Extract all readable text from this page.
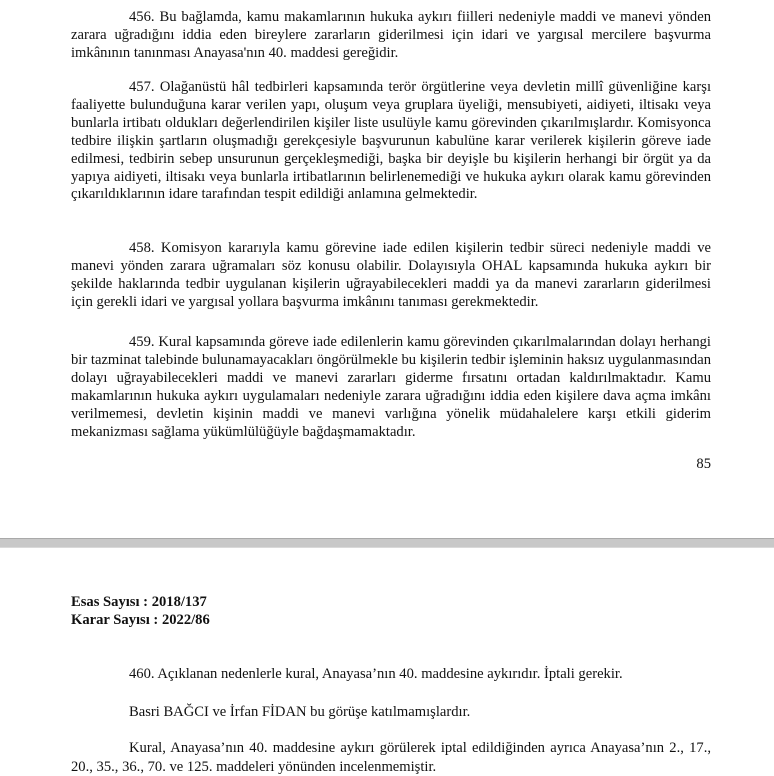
456. Bu bağlamda, kamu makamlarının hukuka aykırı fiilleri nedeniyle maddi ve manevi yönden zarara uğradığını iddia eden bireylere zararların giderilmesi için idari ve yargısal mercilere başvurma imkânının tanınması Anayasa'nın 40. maddesi gereğidir.

457. Olağanüstü hâl tedbirleri kapsamında terör örgütlerine veya devletin millî güvenliğine karşı faaliyette bulunduğuna karar verilen yapı, oluşum veya gruplara üyeliği, mensubiyeti, aidiyeti, iltisakı veya bunlarla irtibatı oldukları değerlendirilen kişiler liste usulüyle kamu görevinden çıkarılmışlardır. Komisyonca tedbire ilişkin şartların oluşmadığı gerekçesiyle başvurunun kabulüne karar verilerek kişilerin göreve iade edilmesi, tedbirin sebep unsurunun gerçekleşmediği, başka bir deyişle bu kişilerin herhangi bir örgüt ya da yapıya aidiyeti, iltisakı veya bunlarla irtibatlarının belirlenemediği ve hukuka aykırı olarak kamu görevinden çıkarıldıklarının idare tarafından tespit edildiği anlamına gelmektedir.

458. Komisyon kararıyla kamu görevine iade edilen kişilerin tedbir süreci nedeniyle maddi ve manevi yönden zarara uğramaları söz konusu olabilir. Dolayısıyla OHAL kapsamında hukuka aykırı bir şekilde haklarında tedbir uygulanan kişilerin uğrayabilecekleri maddi ya da manevi zararların giderilmesi için gerekli idari ve yargısal yollara başvurma imkânını tanıması gerekmektedir.

459. Kural kapsamında göreve iade edilenlerin kamu görevinden çıkarılmalarından dolayı herhangi bir tazminat talebinde bulunamayacakları öngörülmekle bu kişilerin tedbir işleminin haksız uygulanmasından dolayı uğrayabilecekleri maddi ve manevi zararları giderme fırsatını ortadan kaldırılmaktadır. Kamu makamlarının hukuka aykırı uygulamaları nedeniyle zarara uğradığını iddia eden kişilere dava açma imkânı verilmemesi, devletin kişinin maddi ve manevi varlığına yönelik müdahalelere karşı etkili giderim mekanizması sağlama yükümlülüğüyle bağdaşmamaktadır.

85
Esas Sayısı : 2018/137
Karar Sayısı : 2022/86

460. Açıklanan nedenlerle kural, Anayasa’nın 40. maddesine aykırıdır. İptali gerekir.

Basri BAĞCI ve İrfan FİDAN bu görüşe katılmamışlardır.

Kural, Anayasa’nın 40. maddesine aykırı görülerek iptal edildiğinden ayrıca Anayasa’nın 2., 17., 20., 35., 36., 70. ve 125. maddeleri yönünden incelenmemiştir.
